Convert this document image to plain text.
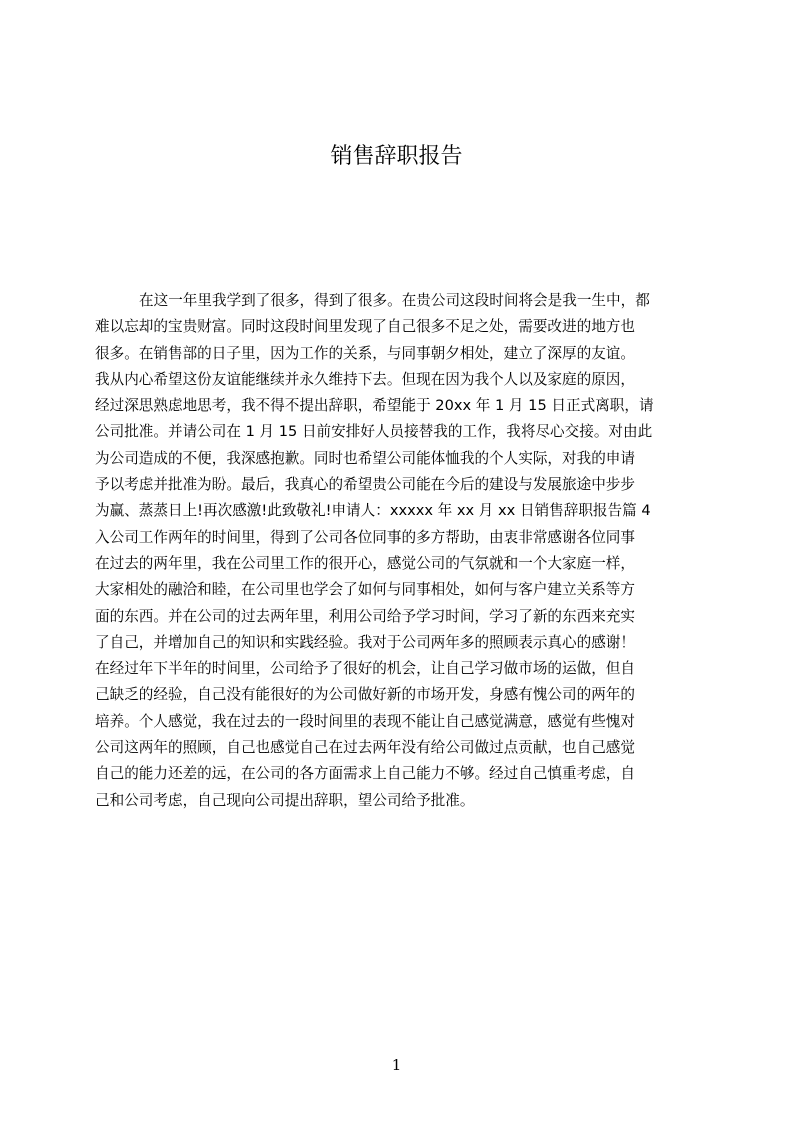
销售辞职报告
在这一年里我学到了很多，得到了很多。在贵公司这段时间将会是我一生中，都
难以忘却的宝贵财富。同时这段时间里发现了自己很多不足之处，需要改进的地方也
很多。在销售部的日子里，因为工作的关系，与同事朝夕相处，建立了深厚的友谊。
我从内心希望这份友谊能继续并永久维持下去。但现在因为我个人以及家庭的原因，
经过深思熟虑地思考，我不得不提出辞职，希望能于 20xx 年 1 月 15 日正式离职，请
公司批准。并请公司在 1 月 15 日前安排好人员接替我的工作，我将尽心交接。对由此
为公司造成的不便，我深感抱歉。同时也希望公司能体恤我的个人实际，对我的申请
予以考虑并批准为盼。最后，我真心的希望贵公司能在今后的建设与发展旅途中步步
为赢、蒸蒸日上!再次感激!此致敬礼!申请人：xxxxx 年 xx 月 xx 日销售辞职报告篇 4
入公司工作两年的时间里，得到了公司各位同事的多方帮助，由衷非常感谢各位同事
在过去的两年里，我在公司里工作的很开心，感觉公司的气氛就和一个大家庭一样，
大家相处的融洽和睦，在公司里也学会了如何与同事相处，如何与客户建立关系等方
面的东西。并在公司的过去两年里，利用公司给予学习时间，学习了新的东西来充实
了自己，并增加自己的知识和实践经验。我对于公司两年多的照顾表示真心的感谢！
在经过年下半年的时间里，公司给予了很好的机会，让自己学习做市场的运做，但自
己缺乏的经验，自己没有能很好的为公司做好新的市场开发，身感有愧公司的两年的
培养。个人感觉，我在过去的一段时间里的表现不能让自己感觉满意，感觉有些愧对
公司这两年的照顾，自己也感觉自己在过去两年没有给公司做过点贡献，也自己感觉
自己的能力还差的远，在公司的各方面需求上自己能力不够。经过自己慎重考虑，自
己和公司考虑，自己现向公司提出辞职，望公司给予批准。
1
